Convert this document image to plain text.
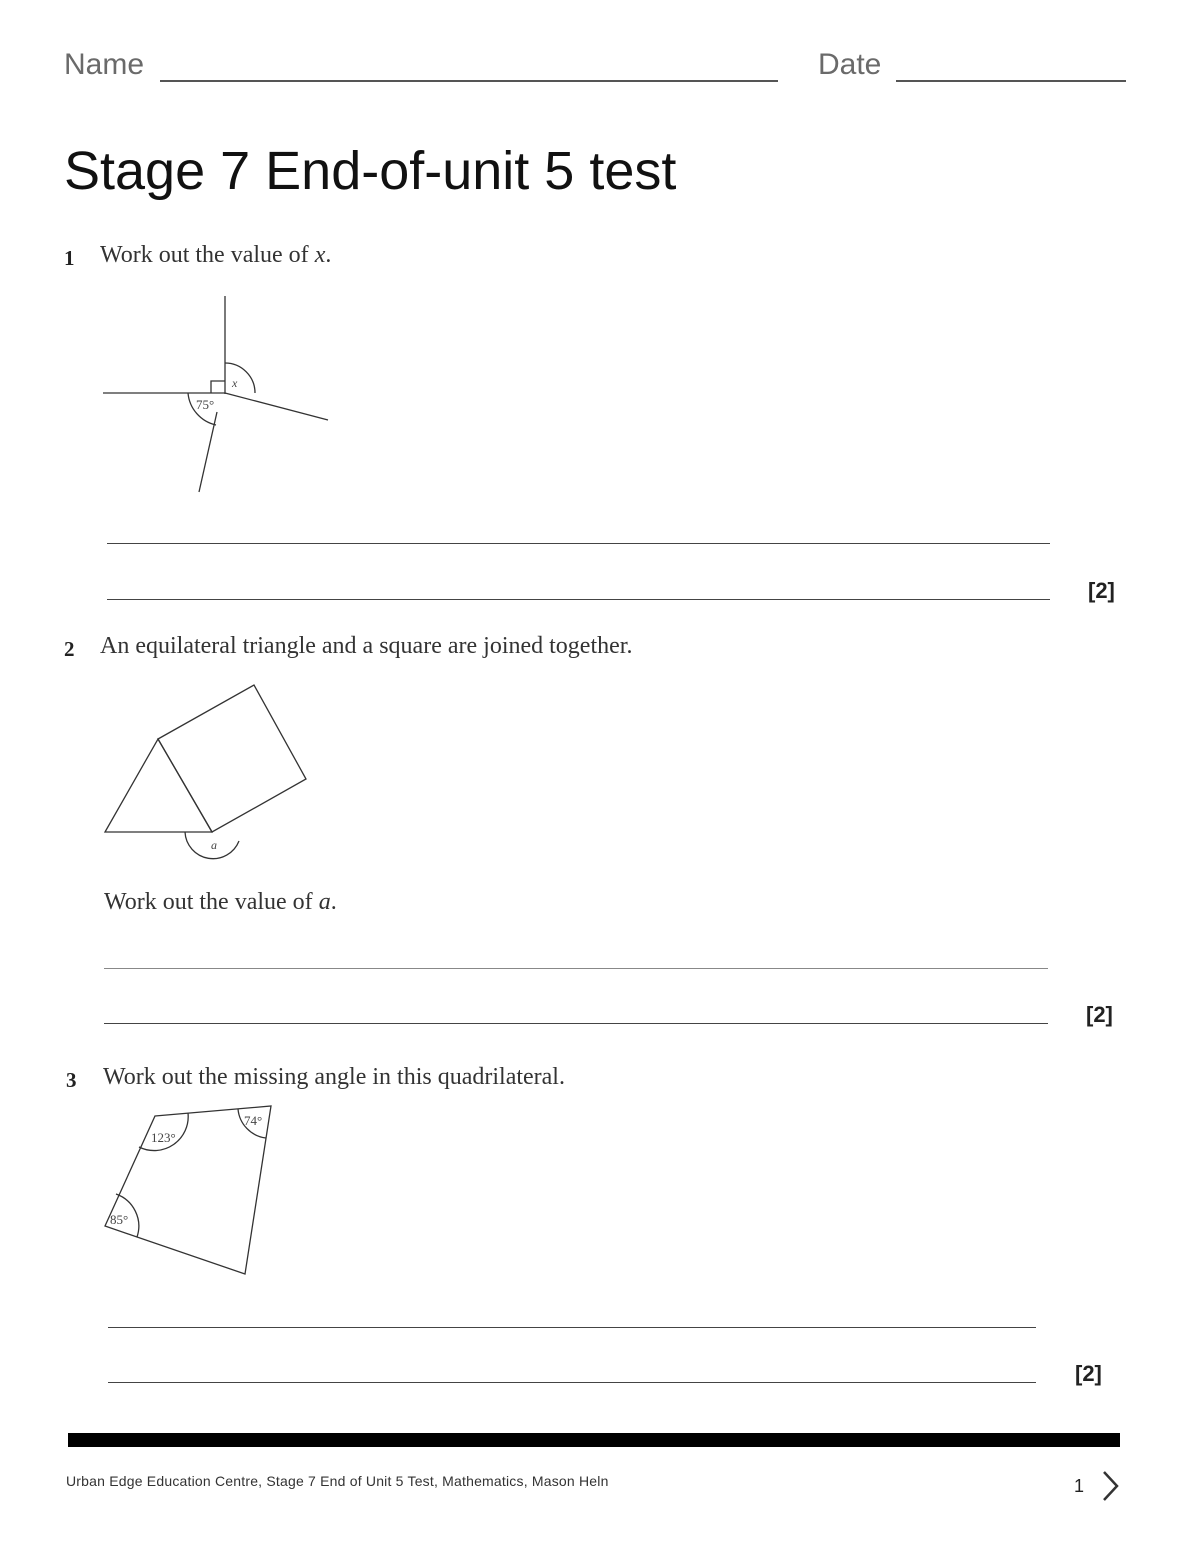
Name	Date
Stage 7 End-of-unit 5 test
1 Work out the value of x.
75°
x
[2]
2 An equilateral triangle and a square are joined together.
a
Work out the value of a.
[2]
3 Work out the missing angle in this quadrilateral.
123°
74°
85°
[2]
Urban Edge Education Centre, Stage 7 End of Unit 5 Test, Mathematics, Mason Heln	1
